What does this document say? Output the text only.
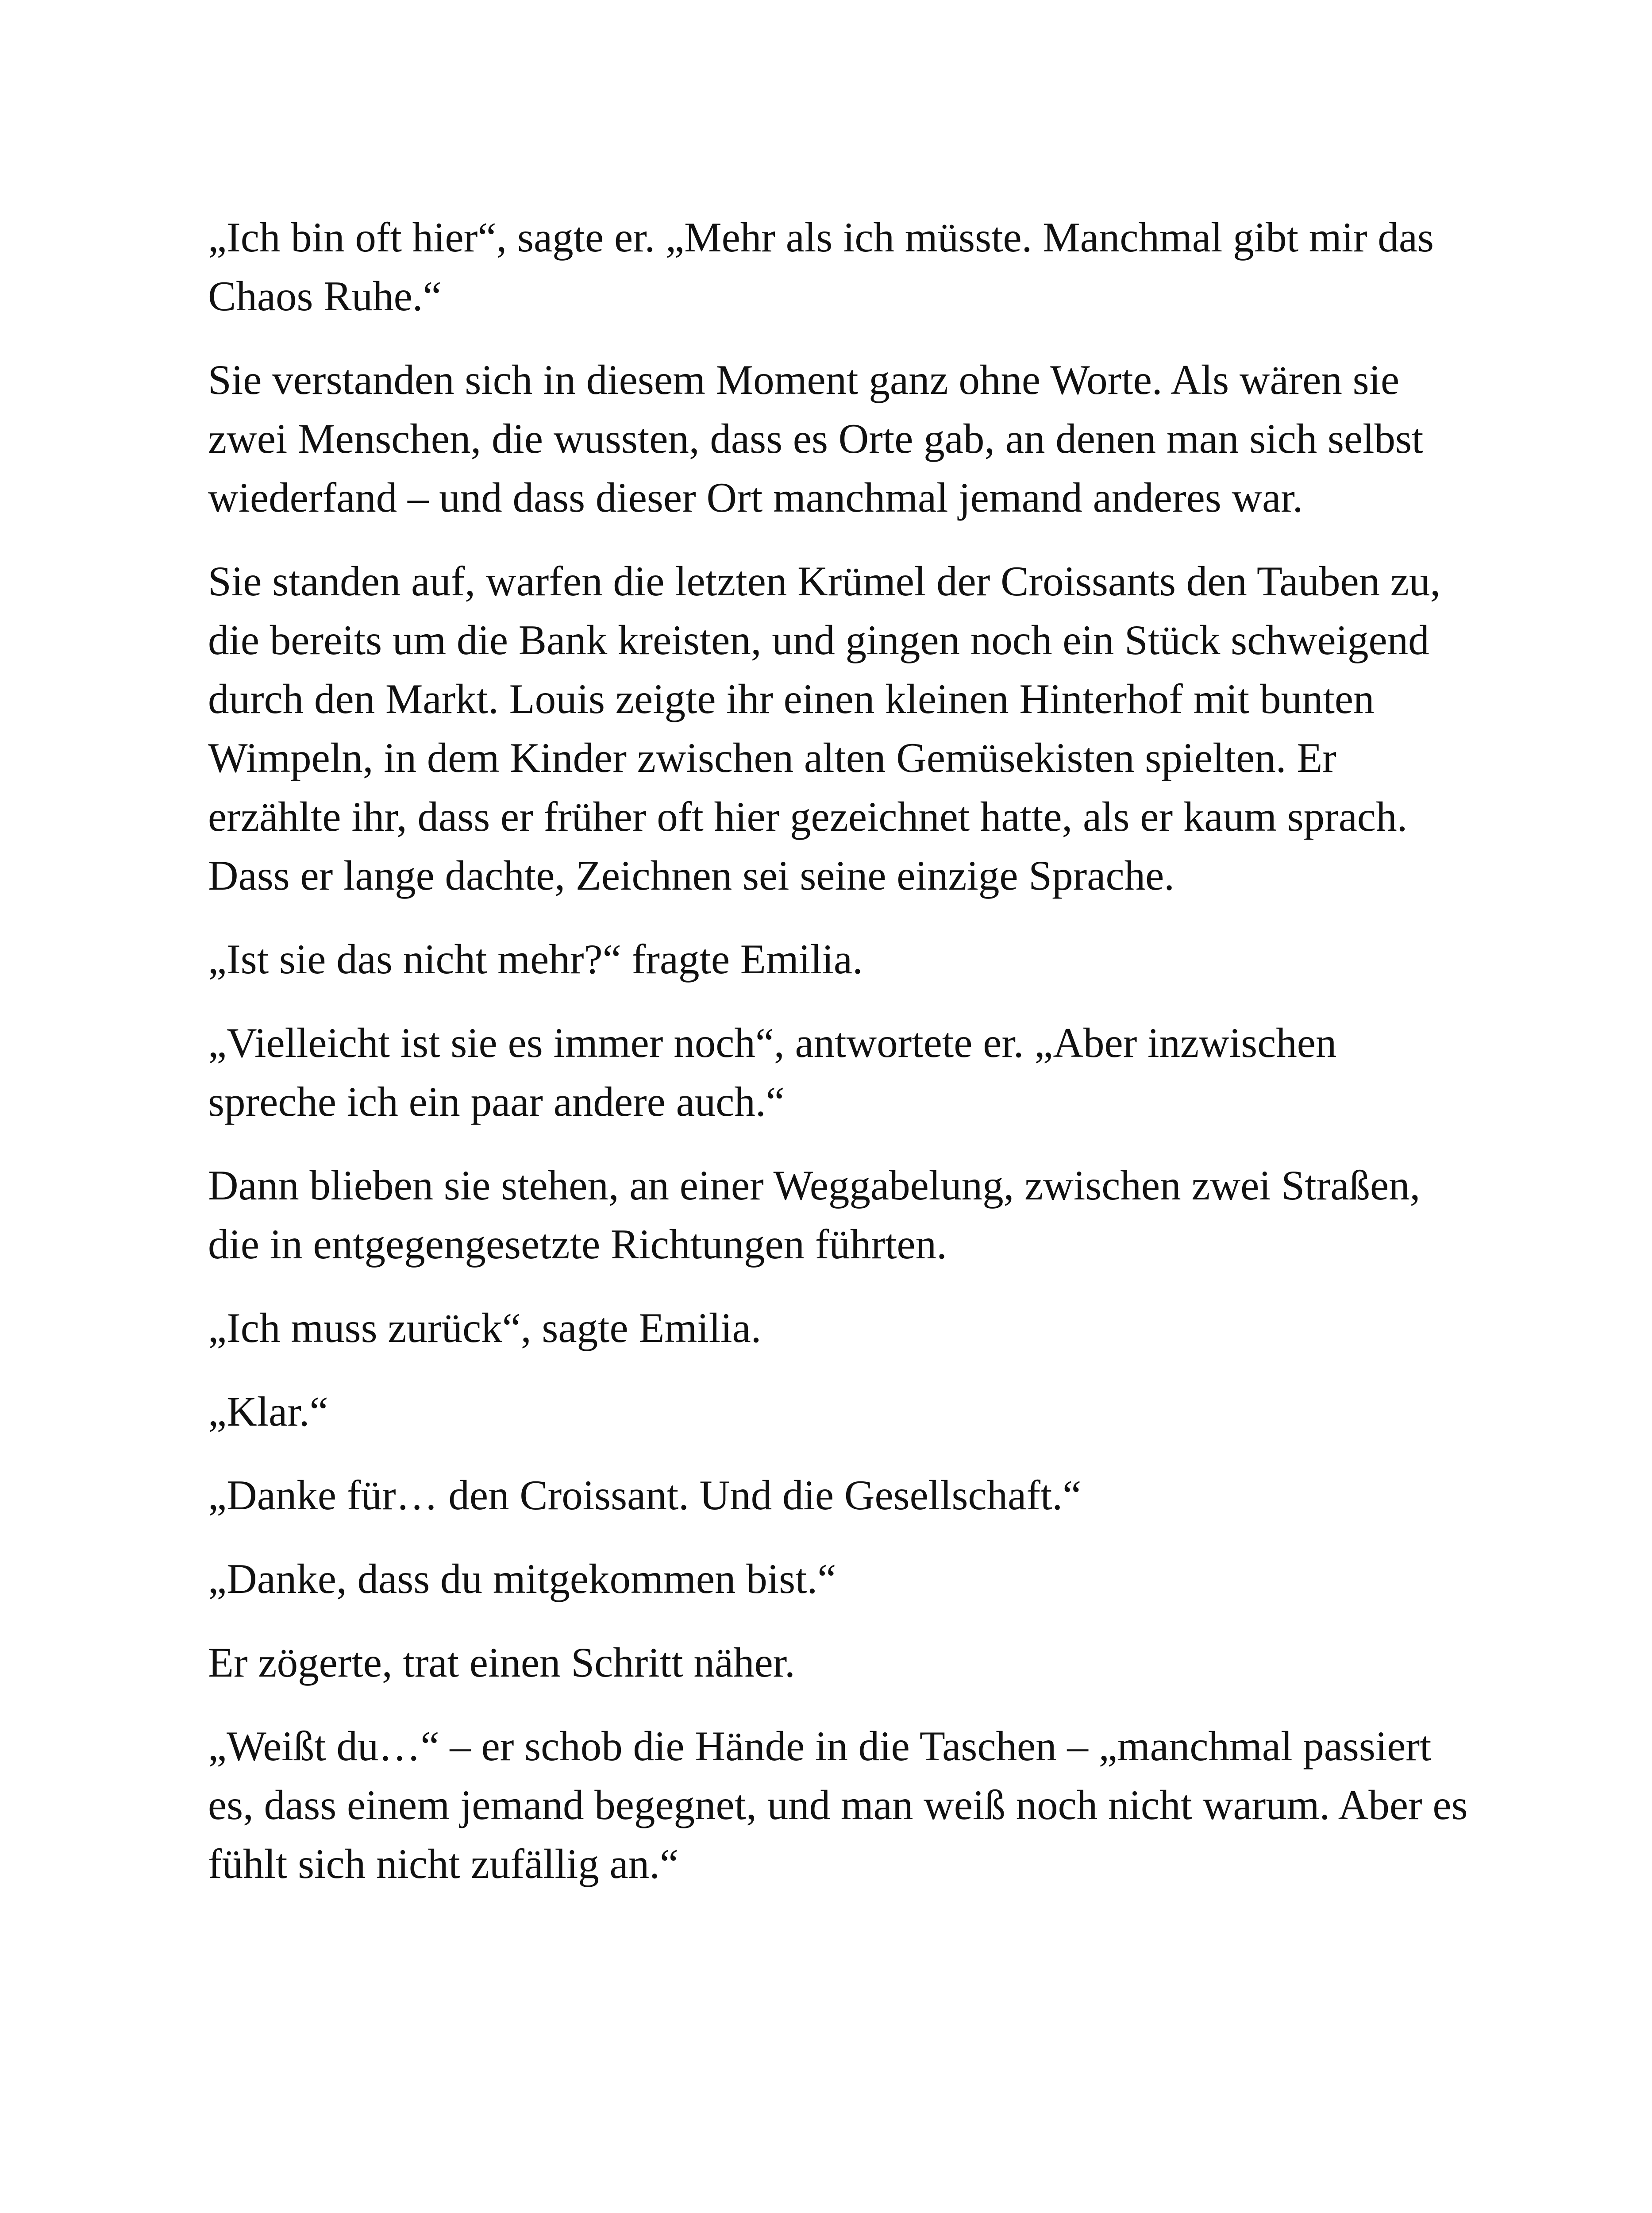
„Ich bin oft hier“, sagte er. „Mehr als ich müsste. Manchmal gibt mir das Chaos Ruhe.“

Sie verstanden sich in diesem Moment ganz ohne Worte. Als wären sie zwei Menschen, die wussten, dass es Orte gab, an denen man sich selbst wiederfand – und dass dieser Ort manchmal jemand anderes war.

Sie standen auf, warfen die letzten Krümel der Croissants den Tauben zu, die bereits um die Bank kreisten, und gingen noch ein Stück schweigend durch den Markt. Louis zeigte ihr einen kleinen Hinterhof mit bunten Wimpeln, in dem Kinder zwischen alten Gemüsekisten spielten. Er erzählte ihr, dass er früher oft hier gezeichnet hatte, als er kaum sprach. Dass er lange dachte, Zeichnen sei seine einzige Sprache.

„Ist sie das nicht mehr?“ fragte Emilia.

„Vielleicht ist sie es immer noch“, antwortete er. „Aber inzwischen spreche ich ein paar andere auch.“

Dann blieben sie stehen, an einer Weggabelung, zwischen zwei Straßen, die in entgegengesetzte Richtungen führten.

„Ich muss zurück“, sagte Emilia.

„Klar.“

„Danke für… den Croissant. Und die Gesellschaft.“

„Danke, dass du mitgekommen bist.“

Er zögerte, trat einen Schritt näher.

„Weißt du…“ – er schob die Hände in die Taschen – „manchmal passiert es, dass einem jemand begegnet, und man weiß noch nicht warum. Aber es fühlt sich nicht zufällig an.“
